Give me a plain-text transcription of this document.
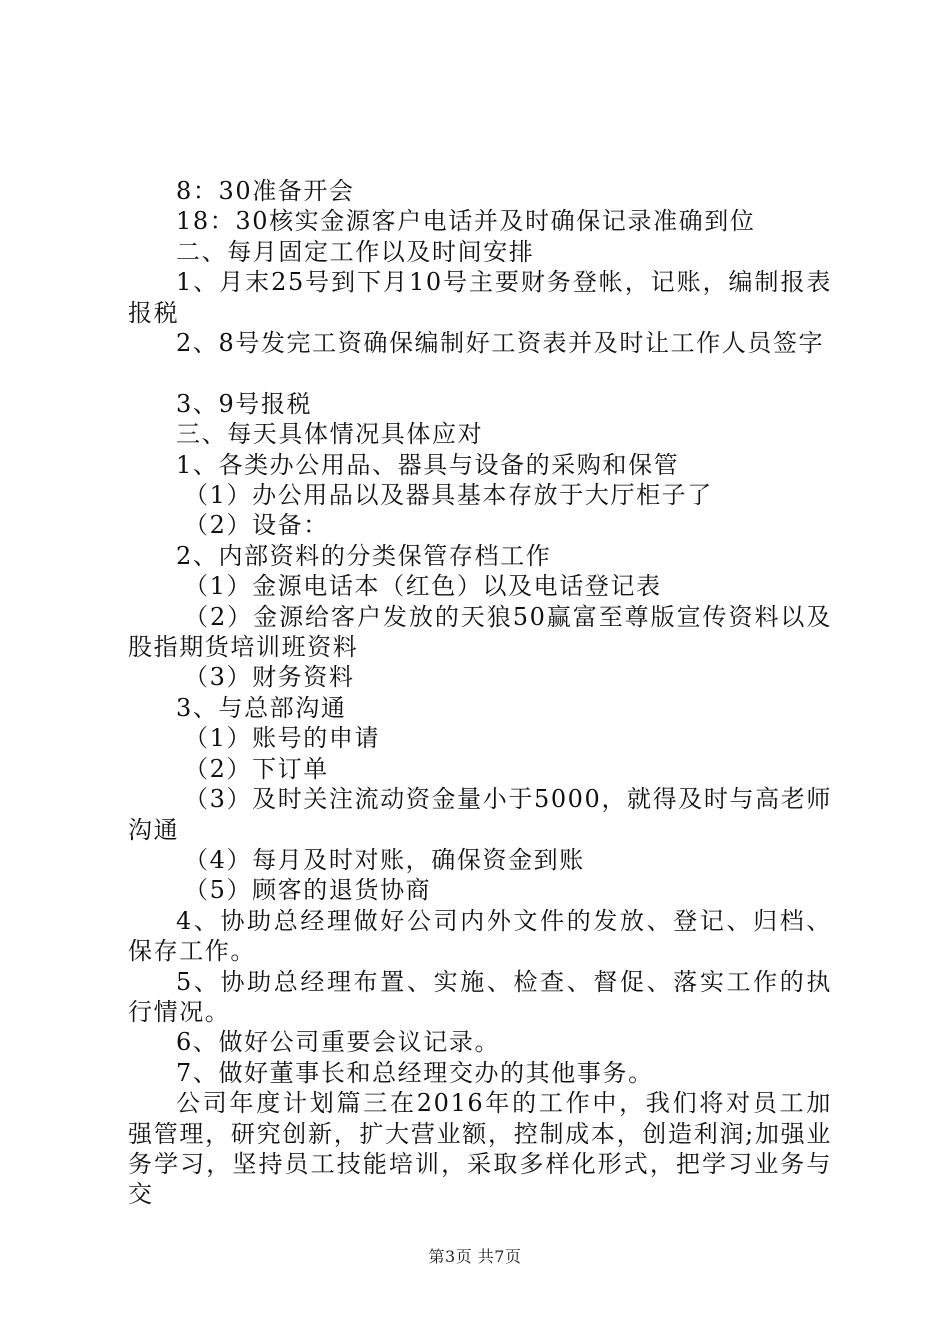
8：30准备开会

18：30核实金源客户电话并及时确保记录准确到位

二、每月固定工作以及时间安排

1、月末25号到下月10号主要财务登帐，记账，编制报表报税

2、8号发完工资确保编制好工资表并及时让工作人员签字

3、9号报税

三、每天具体情况具体应对

1、各类办公用品、器具与设备的采购和保管

（1）办公用品以及器具基本存放于大厅柜子了

（2）设备：

2、内部资料的分类保管存档工作

（1）金源电话本（红色）以及电话登记表

（2）金源给客户发放的天狼50赢富至尊版宣传资料以及股指期货培训班资料

（3）财务资料

3、与总部沟通

（1）账号的申请

（2）下订单

（3）及时关注流动资金量小于5000，就得及时与高老师沟通

（4）每月及时对账，确保资金到账

（5）顾客的退货协商

4、协助总经理做好公司内外文件的发放、登记、归档、保存工作。

5、协助总经理布置、实施、检查、督促、落实工作的执行情况。

6、做好公司重要会议记录。

7、做好董事长和总经理交办的其他事务。

公司年度计划篇三在2016年的工作中，我们将对员工加强管理，研究创新，扩大营业额，控制成本，创造利润;加强业务学习，坚持员工技能培训，采取多样化形式，把学习业务与交

第3页 共7页
